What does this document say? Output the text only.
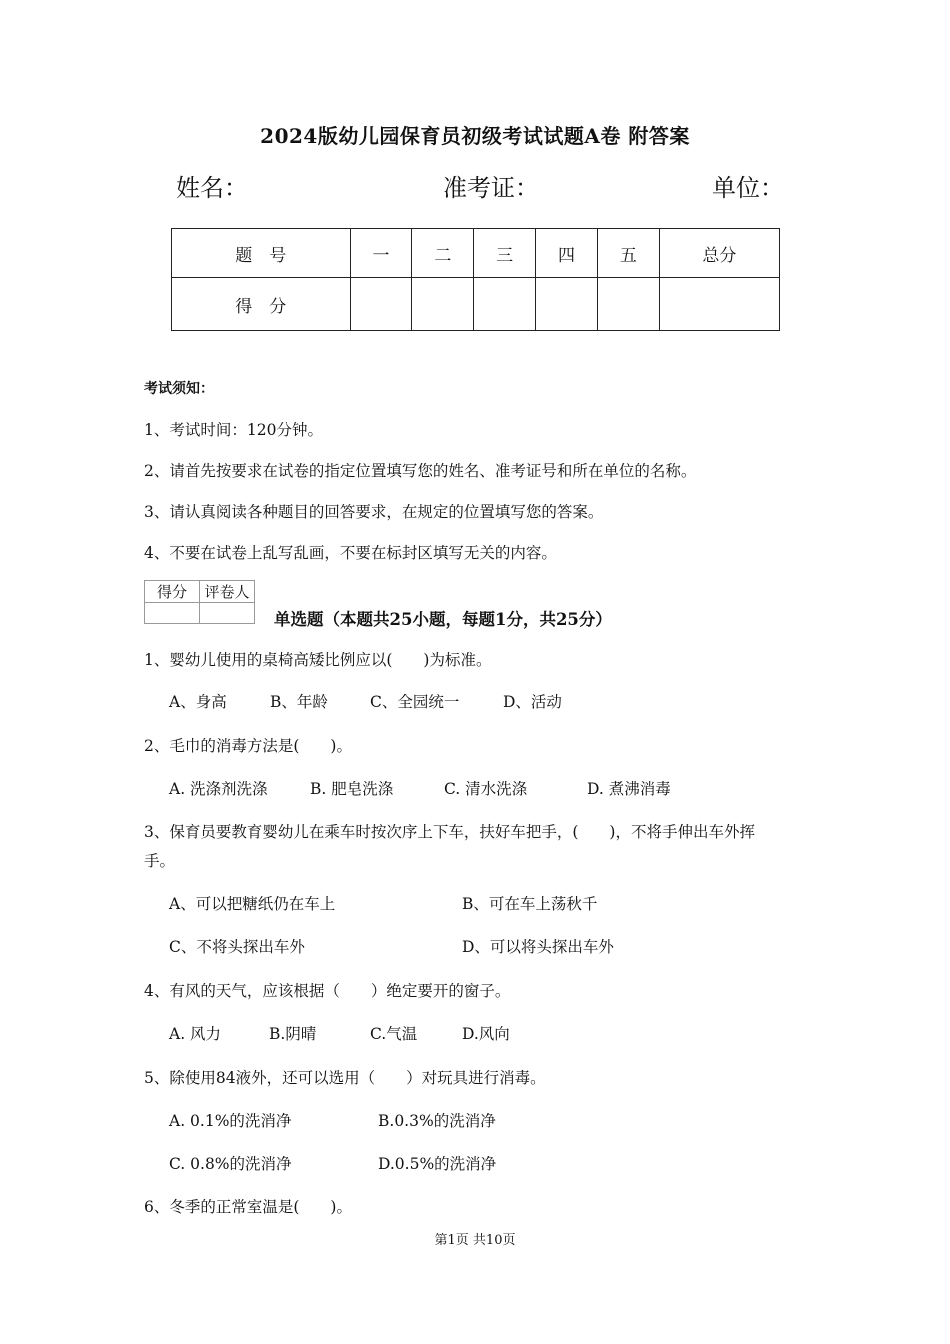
2024版幼儿园保育员初级考试试题A卷 附答案
姓名：	准考证：	单位：
题　号	一	二	三	四	五	总分
得　分						
考试须知：
1、考试时间：120分钟。
2、请首先按要求在试卷的指定位置填写您的姓名、准考证号和所在单位的名称。
3、请认真阅读各种题目的回答要求，在规定的位置填写您的答案。
4、不要在试卷上乱写乱画，不要在标封区填写无关的内容。
得分	评卷人

单选题（本题共25小题，每题1分，共25分）
1、婴幼儿使用的桌椅高矮比例应以(　　)为标准。
A、身高	B、年龄	C、全园统一	D、活动
2、毛巾的消毒方法是(　　)。
A. 洗涤剂洗涤	B. 肥皂洗涤	C. 清水洗涤	D. 煮沸消毒
3、保育员要教育婴幼儿在乘车时按次序上下车，扶好车把手，(　　)，不将手伸出车外挥
手。
A、可以把糖纸仍在车上	B、可在车上荡秋千
C、不将头探出车外	D、可以将头探出车外
4、有风的天气，应该根据（　　）绝定要开的窗子。
A. 风力	B.阴晴	C.气温	D.风向
5、除使用84液外，还可以选用（　　）对玩具进行消毒。
A. 0.1%的洗消净	B.0.3%的洗消净
C. 0.8%的洗消净	D.0.5%的洗消净
6、冬季的正常室温是(　　)。
第1页 共10页
